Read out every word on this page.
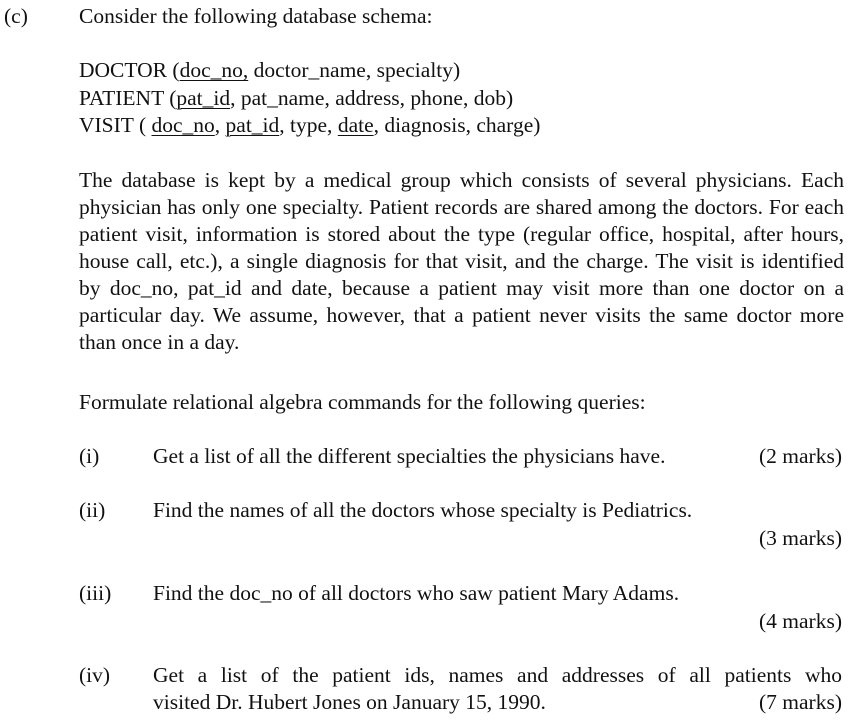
(c) Consider the following database schema:
DOCTOR (doc_no, doctor_name, specialty)
PATIENT (pat_id, pat_name, address, phone, dob)
VISIT ( doc_no, pat_id, type, date, diagnosis, charge)
The database is kept by a medical group which consists of several physicians. Each physician has only one specialty. Patient records are shared among the doctors. For each patient visit, information is stored about the type (regular office, hospital, after hours, house call, etc.), a single diagnosis for that visit, and the charge. The visit is identified by doc_no, pat_id and date, because a patient may visit more than one doctor on a particular day. We assume, however, that a patient never visits the same doctor more than once in a day.
Formulate relational algebra commands for the following queries:
(i) Get a list of all the different specialties the physicians have.	(2 marks)
(ii) Find the names of all the doctors whose specialty is Pediatrics.
(3 marks)
(iii) Find the doc_no of all doctors who saw patient Mary Adams.
(4 marks)
(iv) Get a list of the patient ids, names and addresses of all patients who
visited Dr. Hubert Jones on January 15, 1990.	(7 marks)
